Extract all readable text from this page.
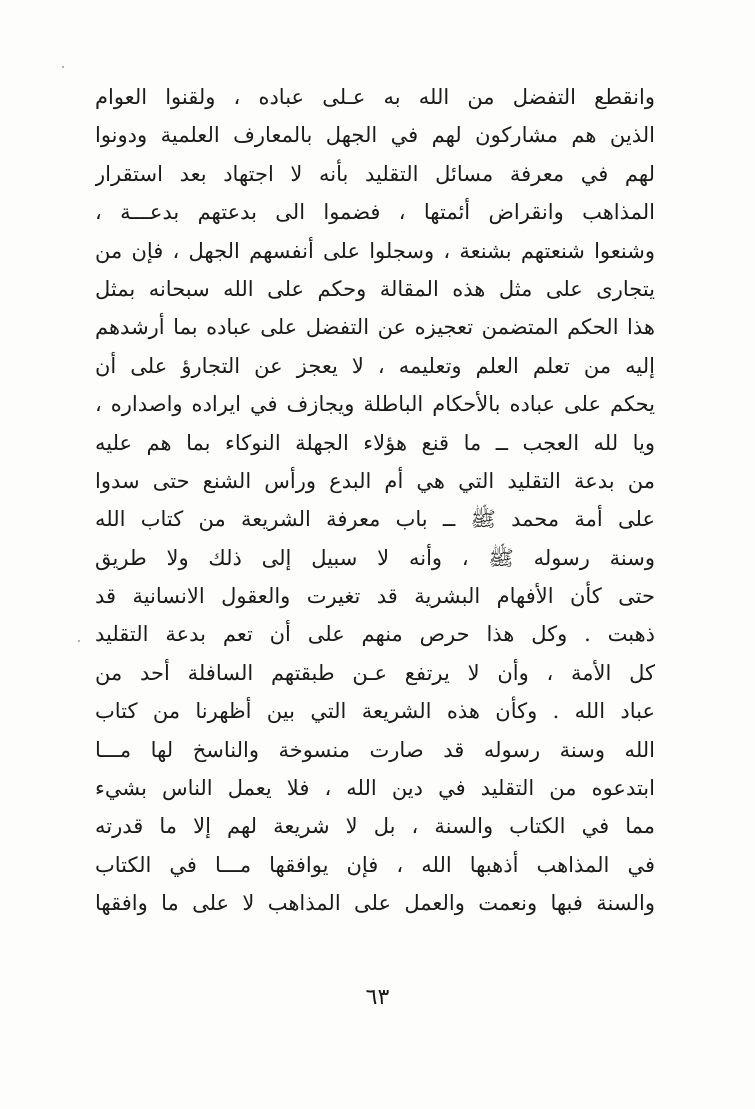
وانقطع التفضل من الله به عـلى عباده ، ولقنوا العوام
الذين هم مشاركون لهم في الجهل بالمعارف العلمية ودونوا
لهم في معرفة مسائل التقليد بأنه لا اجتهاد بعد استقرار
المذاهب وانقراض أئمتها ، فضموا الى بدعتهم بدعـــة ،
وشنعوا شنعتهم بشنعة ، وسجلوا على أنفسهم الجهل ، فإن من
يتجارى على مثل هذه المقالة وحكم على الله سبحانه بمثل
هذا الحكم المتضمن تعجيزه عن التفضل على عباده بما أرشدهم
إليه من تعلم العلم وتعليمه ، لا يعجز عن التجارؤ على أن
يحكم على عباده بالأحكام الباطلة ويجازف في ايراده واصداره ،
ويا لله العجب ــ ما قنع هؤلاء الجهلة النوكاء بما هم عليه
من بدعة التقليد التي هي أم البدع ورأس الشنع حتى سدوا
على أمة محمد ﷺ ــ باب معرفة الشريعة من كتاب الله
وسنة رسوله ﷺ ، وأنه لا سبيل إلى ذلك ولا طريق
حتى كأن الأفهام البشرية قد تغيرت والعقول الانسانية قد
ذهبت . وكل هذا حرص منهم على أن تعم بدعة التقليد
كل الأمة ، وأن لا يرتفع عـن طبقتهم السافلة أحد من
عباد الله . وكأن هذه الشريعة التي بين أظهرنا من كتاب
الله وسنة رسوله قد صارت منسوخة والناسخ لها مـــا
ابتدعوه من التقليد في دين الله ، فلا يعمل الناس بشيء
مما في الكتاب والسنة ، بل لا شريعة لهم إلا ما قدرته
في المذاهب أذهبها الله ، فإن يوافقها مـــا في الكتاب
والسنة فبها ونعمت والعمل على المذاهب لا على ما وافقها
٦٣
